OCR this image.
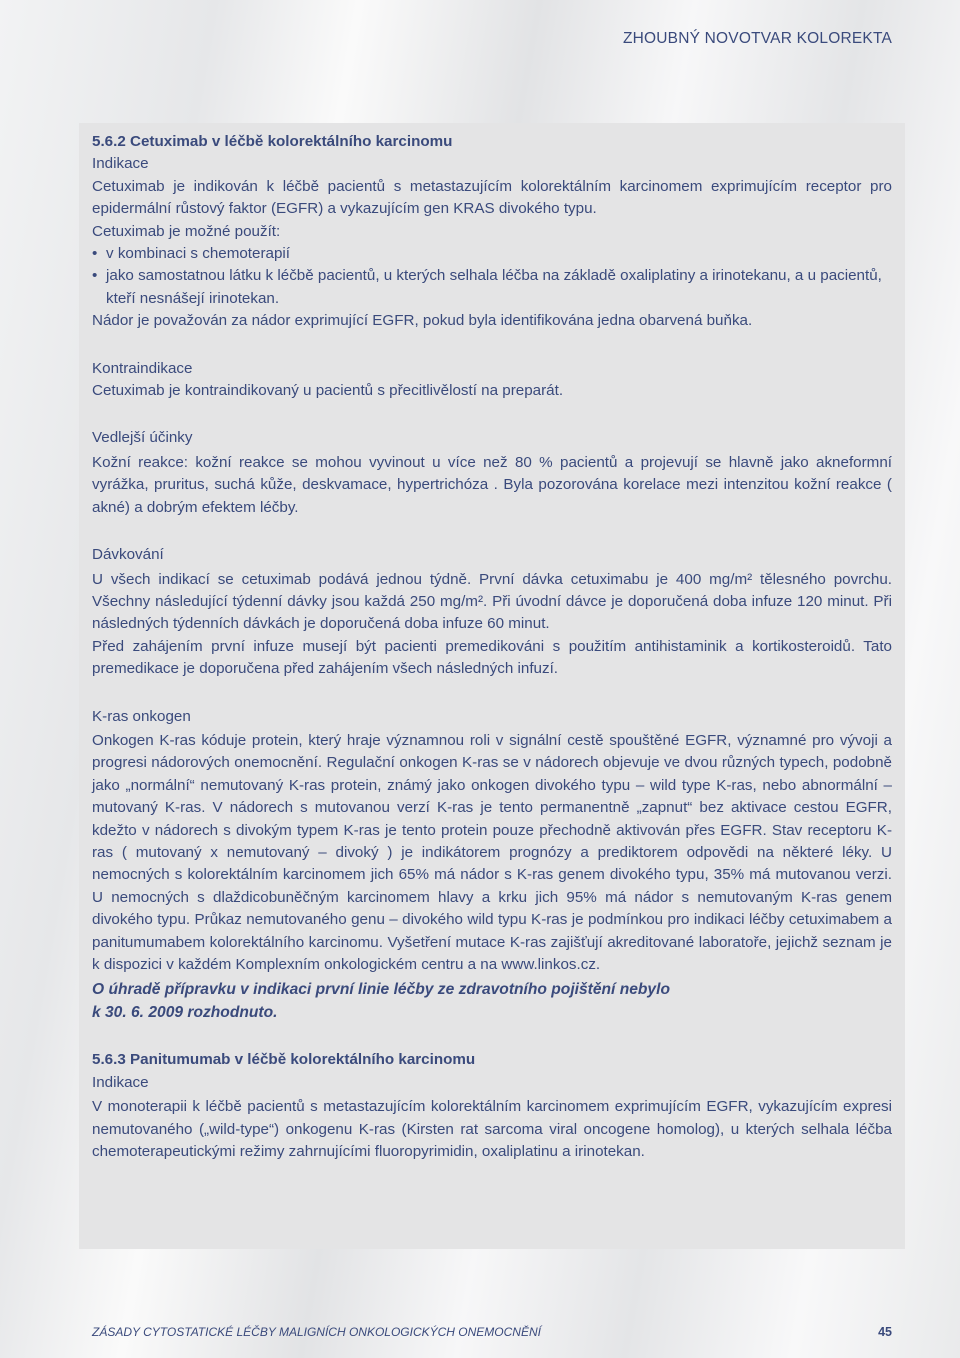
ZHOUBNÝ NOVOTVAR KOLOREKTA

5.6.2 Cetuximab v léčbě kolorektálního karcinomu

Indikace

Cetuximab je indikován k léčbě pacientů s metastazujícím kolorektálním karcinomem exprimujícím receptor pro epidermální růstový faktor (EGFR) a vykazujícím gen KRAS divokého typu.

Cetuximab je možné použít:

• v kombinaci s chemoterapií

• jako samostatnou látku k léčbě pacientů, u kterých selhala léčba na základě oxaliplatiny a irinotekanu, a u pacientů, kteří nesnášejí irinotekan.

Nádor je považován za nádor exprimující EGFR, pokud byla identifikována jedna obarvená buňka.

Kontraindikace

Cetuximab je kontraindikovaný u pacientů s přecitlivělostí na preparát.

Vedlejší účinky

Kožní reakce: kožní reakce se mohou vyvinout u více než 80 % pacientů a projevují se hlavně jako akneformní vyrážka, pruritus, suchá kůže, deskvamace, hypertrichóza . Byla pozorována korelace mezi intenzitou kožní reakce ( akné) a dobrým efektem léčby.

Dávkování

U všech indikací se cetuximab podává jednou týdně. První dávka cetuximabu je 400 mg/m² tělesného povrchu. Všechny následující týdenní dávky jsou každá 250 mg/m². Při úvodní dávce je doporučená doba infuze 120 minut. Při následných týdenních dávkách je doporučená doba infuze 60 minut.

Před zahájením první infuze musejí být pacienti premedikováni s použitím antihistaminik a kortikosteroidů. Tato premedikace je doporučena před zahájením všech následných infuzí.

K-ras onkogen

Onkogen K-ras kóduje protein, který hraje významnou roli v signální cestě spouštěné EGFR, významné pro vývoji a progresi nádorových onemocnění. Regulační onkogen K-ras se v nádorech objevuje ve dvou různých typech, podobně jako „normální“ nemutovaný K-ras protein, známý jako onkogen divokého typu – wild type K-ras, nebo abnormální – mutovaný K-ras. V nádorech s mutovanou verzí K-ras je tento permanentně „zapnut“ bez aktivace cestou EGFR, kdežto v nádorech s divokým typem K-ras je tento protein pouze přechodně aktivován přes EGFR. Stav receptoru K-ras ( mutovaný x nemutovaný – divoký ) je indikátorem prognózy a prediktorem odpovědi na některé léky. U nemocných s kolorektálním karcinomem jich 65% má nádor s K-ras genem divokého typu, 35% má mutovanou verzi. U nemocných s dlaždicobuněčným karcinomem hlavy a krku jich 95% má nádor s nemutovaným K-ras genem divokého typu. Průkaz nemutovaného genu – divokého wild typu K-ras je podmínkou pro indikaci léčby cetuximabem a panitumumabem kolorektálního karcinomu. Vyšetření mutace K-ras zajišťují akreditované laboratoře, jejichž seznam je k dispozici v každém Komplexním onkologickém centru a na www.linkos.cz.

O úhradě přípravku v indikaci první linie léčby ze zdravotního pojištění nebylo
k 30. 6. 2009 rozhodnuto.

5.6.3 Panitumumab v léčbě kolorektálního karcinomu

Indikace

V monoterapii k léčbě pacientů s metastazujícím kolorektálním karcinomem exprimujícím EGFR, vykazujícím expresi nemutovaného („wild-type“) onkogenu K-ras (Kirsten rat sarcoma viral oncogene homolog), u kterých selhala léčba chemoterapeutickými režimy zahrnujícími fluoropyrimidin, oxaliplatinu a irinotekan.

ZÁSADY CYTOSTATICKÉ LÉČBY MALIGNÍCH ONKOLOGICKÝCH ONEMOCNĚNÍ	45
